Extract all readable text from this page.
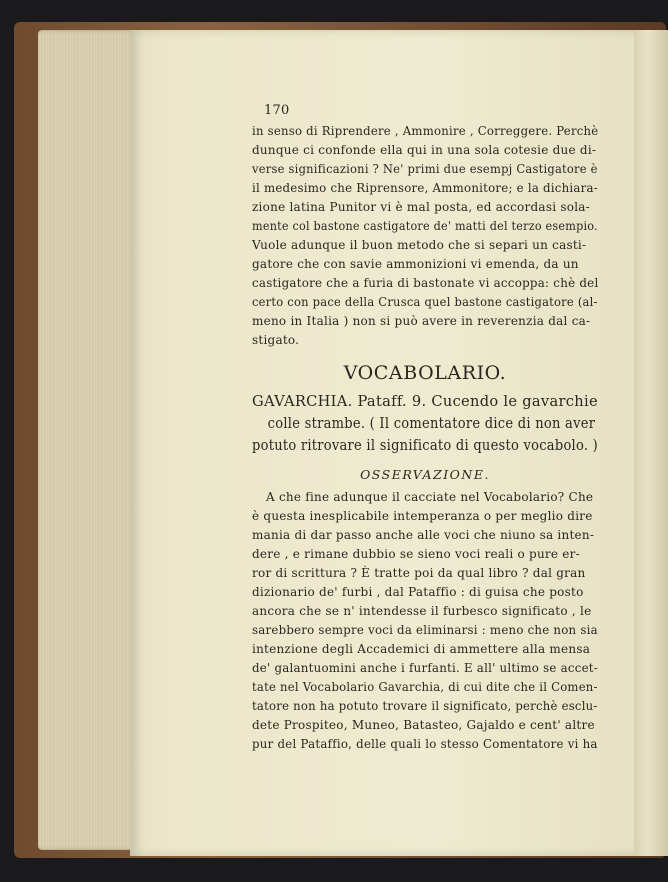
170
in senso di Riprendere , Ammonire , Correggere. Perchè
dunque ci confonde ella qui in una sola cotesie due di-
verse significazioni ? Ne' primi due esempj Castigatore è
il medesimo che Riprensore, Ammonitore; e la dichiara-
zione latina Punitor vi è mal posta, ed accordasi sola-
mente col bastone castigatore de' matti del terzo esempio.
Vuole adunque il buon metodo che si separi un casti-
gatore che con savie ammonizioni vi emenda, da un
castigatore che a furia di bastonate vi accoppa: chè del
certo con pace della Crusca quel bastone castigatore (al-
meno in Italia ) non si può avere in reverenzia dal ca-
stigato.
VOCABOLARIO.
GAVARCHIA. Pataff. 9. Cucendo le gavarchie
colle strambe. ( Il comentatore dice di non aver
potuto ritrovare il significato di questo vocabolo. )
OSSERVAZIONE.
A che fine adunque il cacciate nel Vocabolario? Che
è questa inesplicabile intemperanza o per meglio dire
mania di dar passo anche alle voci che niuno sa inten-
dere , e rimane dubbio se sieno voci reali o pure er-
ror di scrittura ? È tratte poi da qual libro ? dal gran
dizionario de' furbi , dal Pataffio : di guisa che posto
ancora che se n' intendesse il furbesco significato , le
sarebbero sempre voci da eliminarsi : meno che non sia
intenzione degli Accademici di ammettere alla mensa
de' galantuomini anche i furfanti. E all' ultimo se accet-
tate nel Vocabolario Gavarchia, di cui dite che il Comen-
tatore non ha potuto trovare il significato, perchè esclu-
dete Prospiteo, Muneo, Batasteo, Gajaldo e cent' altre
pur del Pataffio, delle quali lo stesso Comentatore vi ha
